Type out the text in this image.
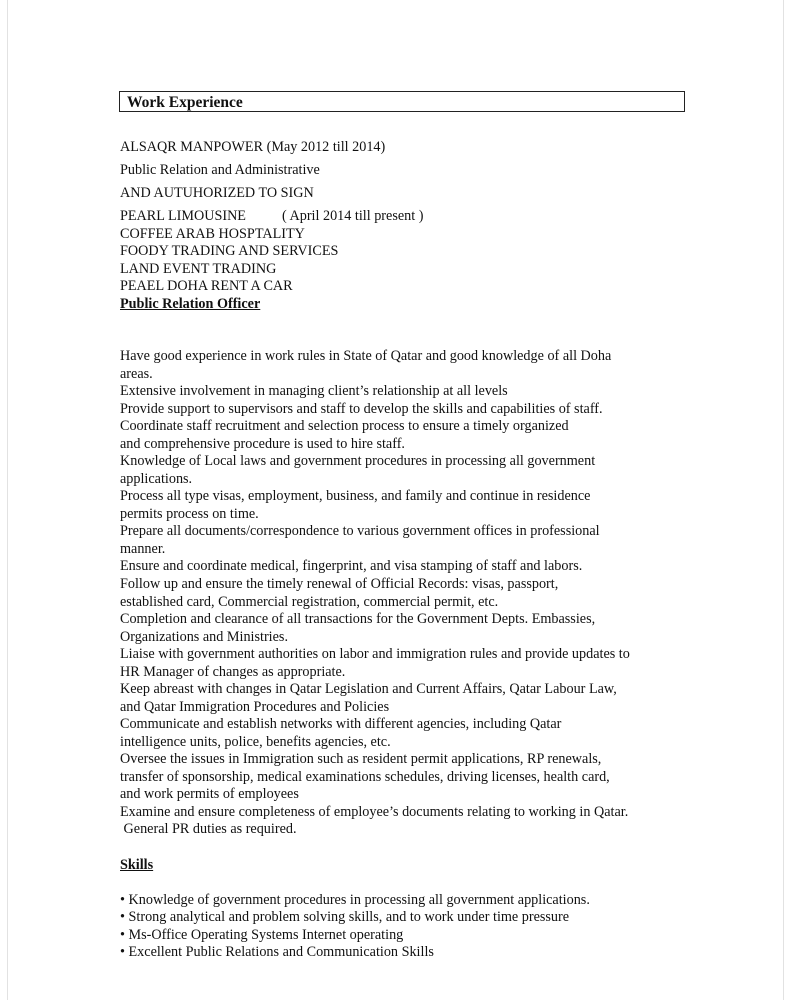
Work Experience
ALSAQR MANPOWER (May 2012 till 2014)
Public Relation and Administrative
AND AUTUHORIZED TO SIGN
PEARL LIMOUSINE	( April 2014 till present )
COFFEE ARAB HOSPTALITY
FOODY TRADING AND SERVICES
LAND EVENT TRADING
PEAEL DOHA RENT A CAR
Public Relation Officer
Have good experience in work rules in State of Qatar and good knowledge of all Doha
areas.
Extensive involvement in managing client’s relationship at all levels
Provide support to supervisors and staff to develop the skills and capabilities of staff.
Coordinate staff recruitment and selection process to ensure a timely organized
and comprehensive procedure is used to hire staff.
Knowledge of Local laws and government procedures in processing all government
applications.
Process all type visas, employment, business, and family and continue in residence
permits process on time.
Prepare all documents/correspondence to various government offices in professional
manner.
Ensure and coordinate medical, fingerprint, and visa stamping of staff and labors.
Follow up and ensure the timely renewal of Official Records: visas, passport,
established card, Commercial registration, commercial permit, etc.
Completion and clearance of all transactions for the Government Depts. Embassies,
Organizations and Ministries.
Liaise with government authorities on labor and immigration rules and provide updates to
HR Manager of changes as appropriate.
Keep abreast with changes in Qatar Legislation and Current Affairs, Qatar Labour Law,
and Qatar Immigration Procedures and Policies
Communicate and establish networks with different agencies, including Qatar
intelligence units, police, benefits agencies, etc.
Oversee the issues in Immigration such as resident permit applications, RP renewals,
transfer of sponsorship, medical examinations schedules, driving licenses, health card,
and work permits of employees
Examine and ensure completeness of employee’s documents relating to working in Qatar.
General PR duties as required.
Skills
• Knowledge of government procedures in processing all government applications.
• Strong analytical and problem solving skills, and to work under time pressure
• Ms-Office Operating Systems Internet operating
• Excellent Public Relations and Communication Skills
